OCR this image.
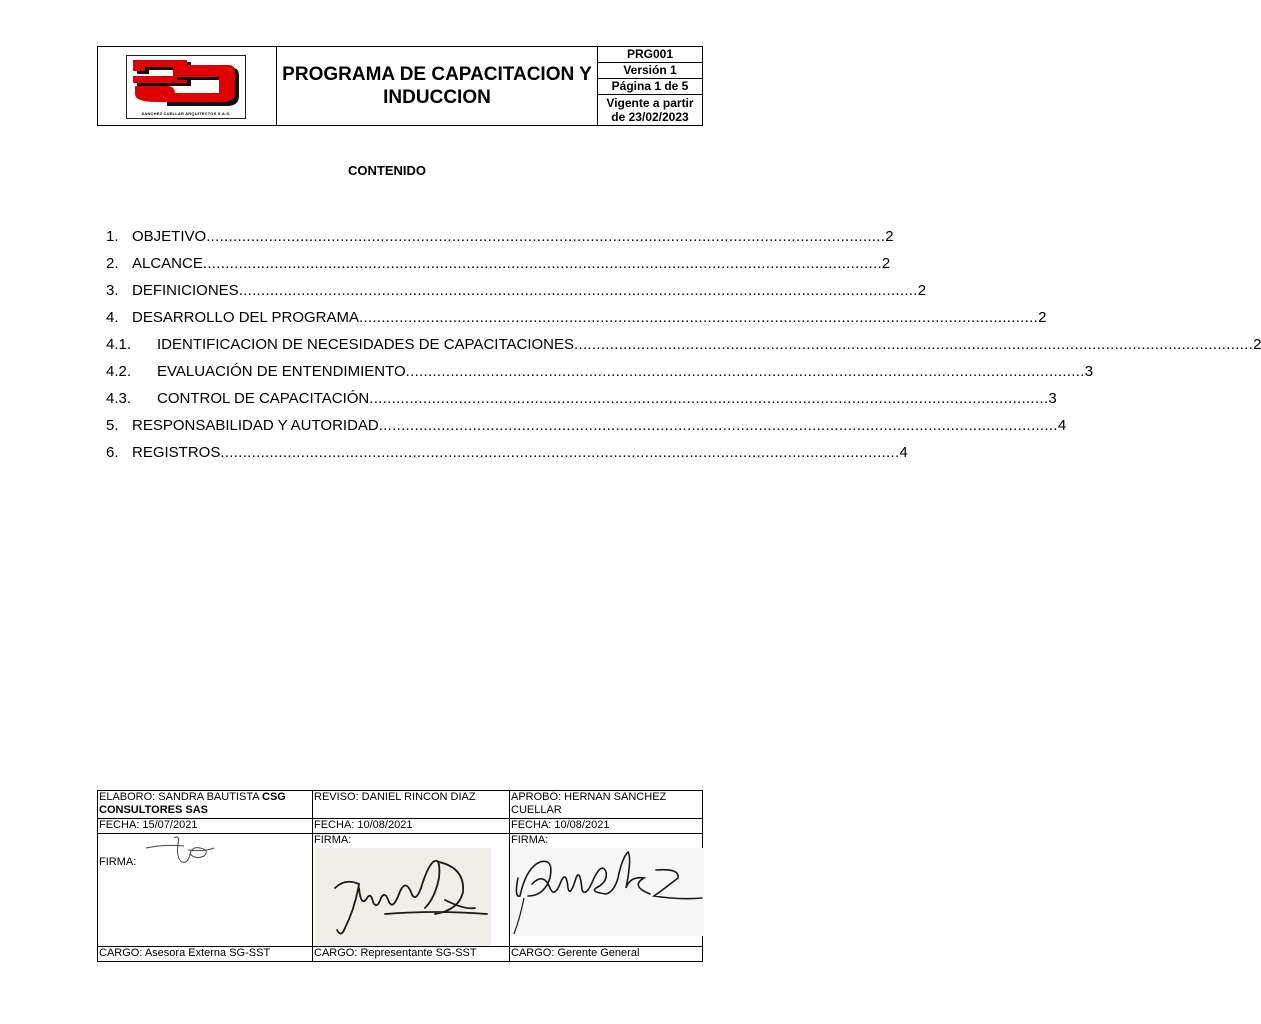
SANCHEZ CUELLAR ARQUITECTOS S.A.S.
PROGRAMA DE CAPACITACION Y INDUCCION
PRG001
Versión 1
Página 1 de 5
Vigente a partir de 23/02/2023
CONTENIDO
1. OBJETIVO ........................................................................................................................................................ 2
2. ALCANCE ........................................................................................................................................................ 2
3. DEFINICIONES ........................................................................................................................................................ 2
4. DESARROLLO DEL PROGRAMA ........................................................................................................................................................ 2
4.1.	IDENTIFICACION DE NECESIDADES DE CAPACITACIONES ........................................................................................................................................................ 2
4.2.	EVALUACIÓN DE ENTENDIMIENTO ........................................................................................................................................................ 3
4.3.	CONTROL DE CAPACITACIÓN ........................................................................................................................................................ 3
5. RESPONSABILIDAD Y AUTORIDAD ........................................................................................................................................................ 4
6. REGISTROS ........................................................................................................................................................ 4
ELABORO: SANDRA BAUTISTA CSG CONSULTORES SAS
FECHA: 15/07/2021
FIRMA:
CARGO: Asesora Externa SG-SST
REVISO: DANIEL RINCON DIAZ
FECHA: 10/08/2021
FIRMA:
CARGO: Representante SG-SST
APROBÓ: HERNAN SANCHEZ CUELLAR
FECHA: 10/08/2021
FIRMA:
CARGO: Gerente General
